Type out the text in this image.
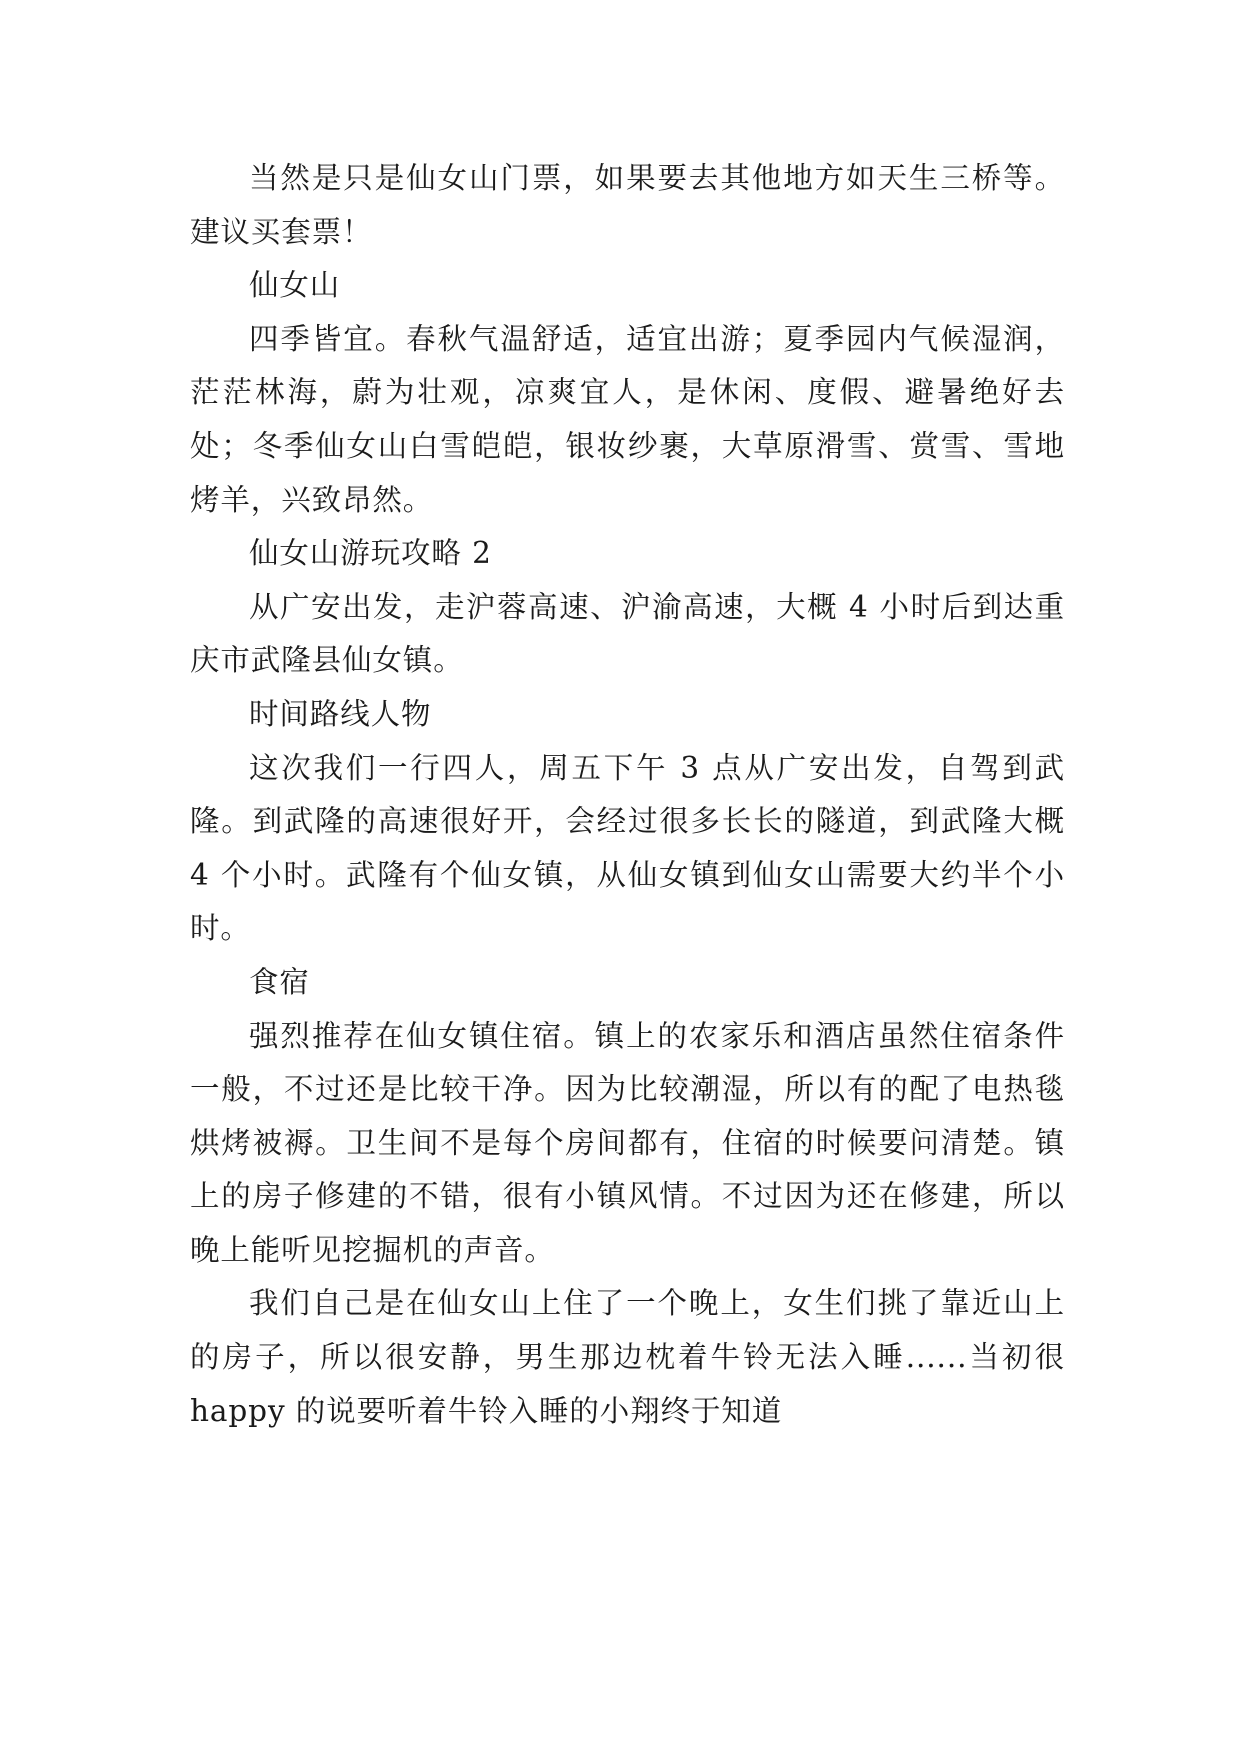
当然是只是仙女山门票，如果要去其他地方如天生三桥等。建议买套票！

仙女山

四季皆宜。春秋气温舒适，适宜出游；夏季园内气候湿润，茫茫林海，蔚为壮观，凉爽宜人，是休闲、度假、避暑绝好去处；冬季仙女山白雪皑皑，银妆纱裹，大草原滑雪、赏雪、雪地烤羊，兴致昂然。

仙女山游玩攻略 2

从广安出发，走沪蓉高速、沪渝高速，大概 4 小时后到达重庆市武隆县仙女镇。

时间路线人物

这次我们一行四人，周五下午 3 点从广安出发，自驾到武隆。到武隆的高速很好开，会经过很多长长的隧道，到武隆大概 4 个小时。武隆有个仙女镇，从仙女镇到仙女山需要大约半个小时。

食宿

强烈推荐在仙女镇住宿。镇上的农家乐和酒店虽然住宿条件一般，不过还是比较干净。因为比较潮湿，所以有的配了电热毯烘烤被褥。卫生间不是每个房间都有，住宿的时候要问清楚。镇上的房子修建的不错，很有小镇风情。不过因为还在修建，所以晚上能听见挖掘机的声音。

我们自己是在仙女山上住了一个晚上，女生们挑了靠近山上的房子，所以很安静，男生那边枕着牛铃无法入睡......当初很 happy 的说要听着牛铃入睡的小翔终于知道
